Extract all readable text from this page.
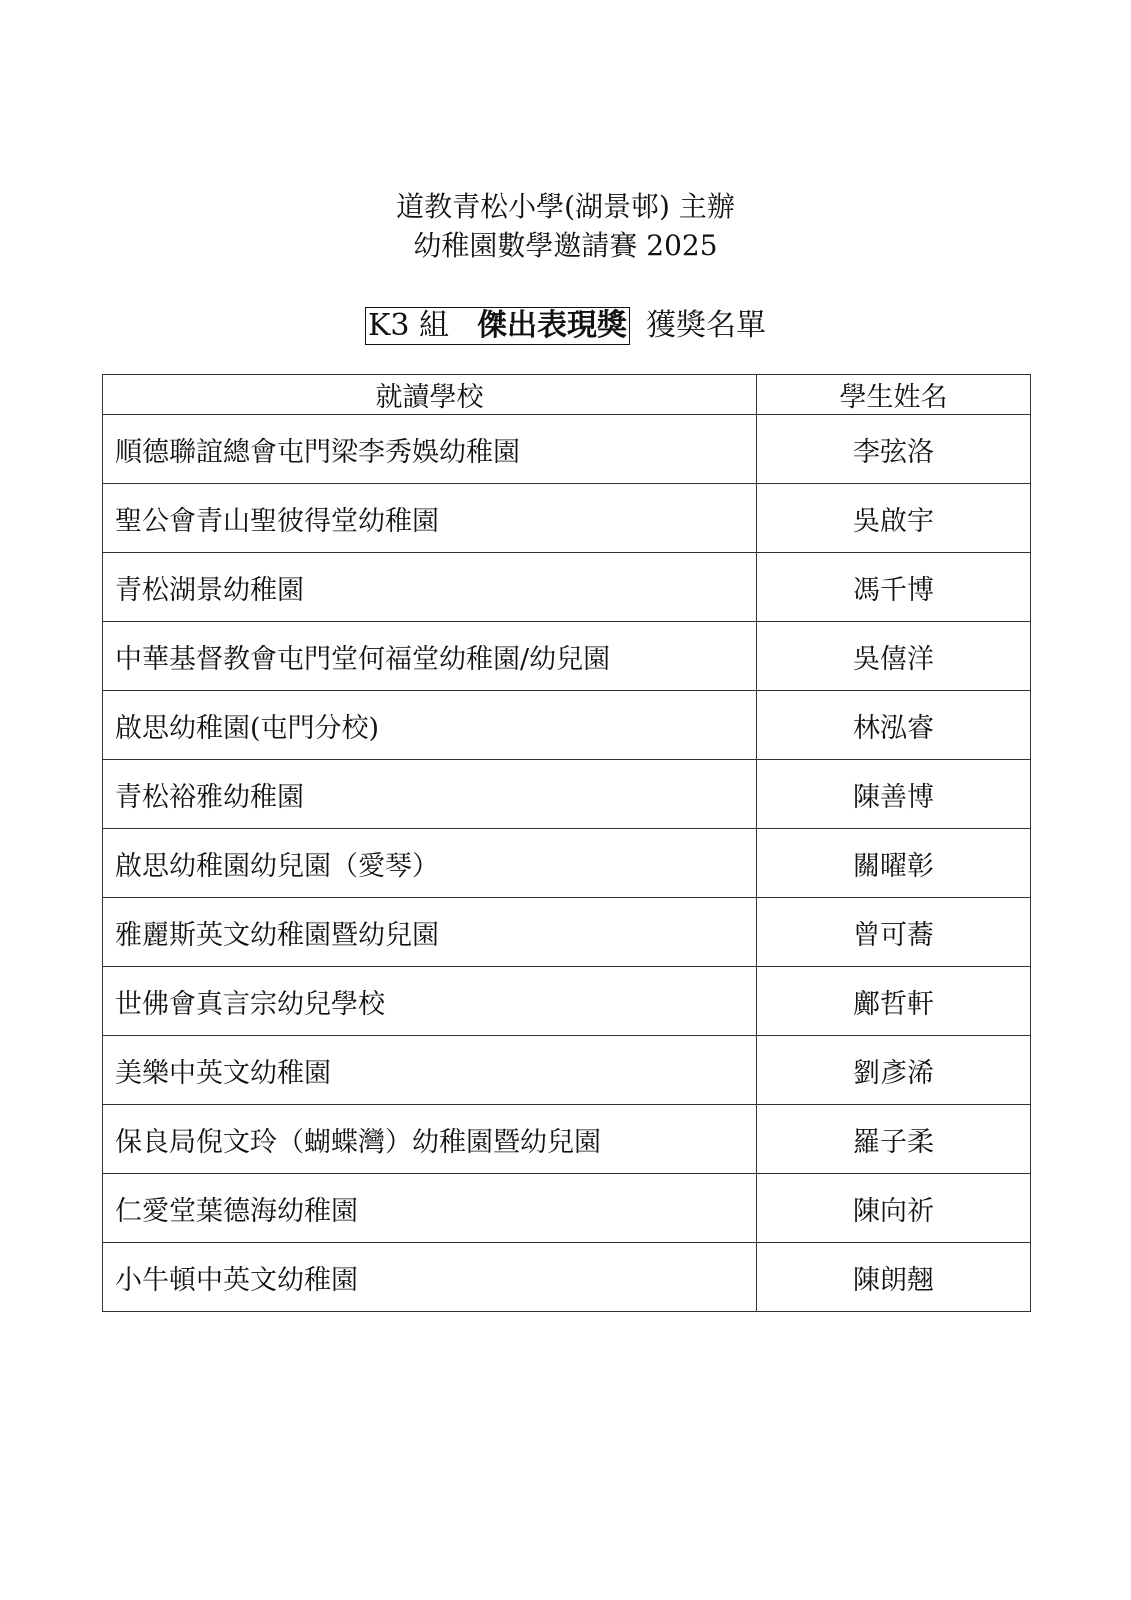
道教青松小學(湖景邨) 主辦
幼稚園數學邀請賽 2025
K3 組 傑出表現獎 獲獎名單
就讀學校	學生姓名
順德聯誼總會屯門梁李秀娛幼稚園	李弦洛
聖公會青山聖彼得堂幼稚園	吳啟宇
青松湖景幼稚園	馮千博
中華基督教會屯門堂何福堂幼稚園/幼兒園	吳僖洋
啟思幼稚園(屯門分校)	林泓睿
青松裕雅幼稚園	陳善博
啟思幼稚園幼兒園（愛琴）	關曜彰
雅麗斯英文幼稚園暨幼兒園	曾可蕎
世佛會真言宗幼兒學校	鄺哲軒
美樂中英文幼稚園	劉彥浠
保良局倪文玲（蝴蝶灣）幼稚園暨幼兒園	羅子柔
仁愛堂葉德海幼稚園	陳向祈
小牛頓中英文幼稚園	陳朗翹
